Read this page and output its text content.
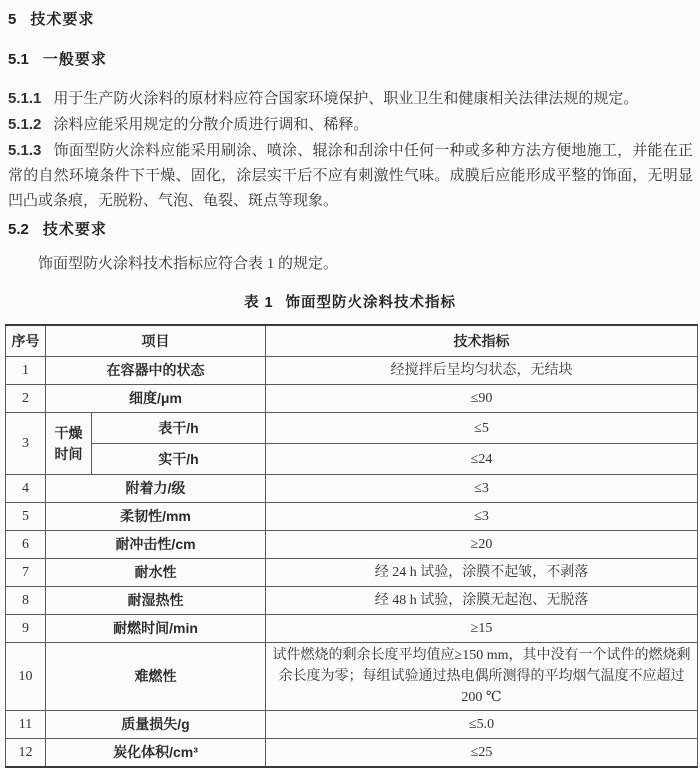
5 技术要求
5.1 一般要求

5.1.1 用于生产防火涂料的原材料应符合国家环境保护、职业卫生和健康相关法律法规的规定。

5.1.2 涂料应能采用规定的分散介质进行调和、稀释。

5.1.3 饰面型防火涂料应能采用刷涂、喷涂、辊涂和刮涂中任何一种或多种方法方便地施工，并能在正常的自然环境条件下干燥、固化，涂层实干后不应有刺激性气味。成膜后应能形成平整的饰面，无明显凹凸或条痕，无脱粉、气泡、龟裂、斑点等现象。

5.2 技术要求

饰面型防火涂料技术指标应符合表 1 的规定。

表 1 饰面型防火涂料技术指标
序号	项目		技术指标
1	在容器中的状态		经搅拌后呈均匀状态，无结块
2	细度/μm		≤90
3	干燥时间	表干/h	≤5
		实干/h	≤24
4	附着力/级		≤3
5	柔韧性/mm		≤3
6	耐冲击性/cm		≥20
7	耐水性		经 24 h 试验，涂膜不起皱，不剥落
8	耐湿热性		经 48 h 试验，涂膜无起泡、无脱落
9	耐燃时间/min		≥15
10	难燃性		试件燃烧的剩余长度平均值应≥150 mm，其中没有一个试件的燃烧剩余长度为零；每组试验通过热电偶所测得的平均烟气温度不应超过 200 ℃
11	质量损失/g		≤5.0
12	炭化体积/cm³		≤25
